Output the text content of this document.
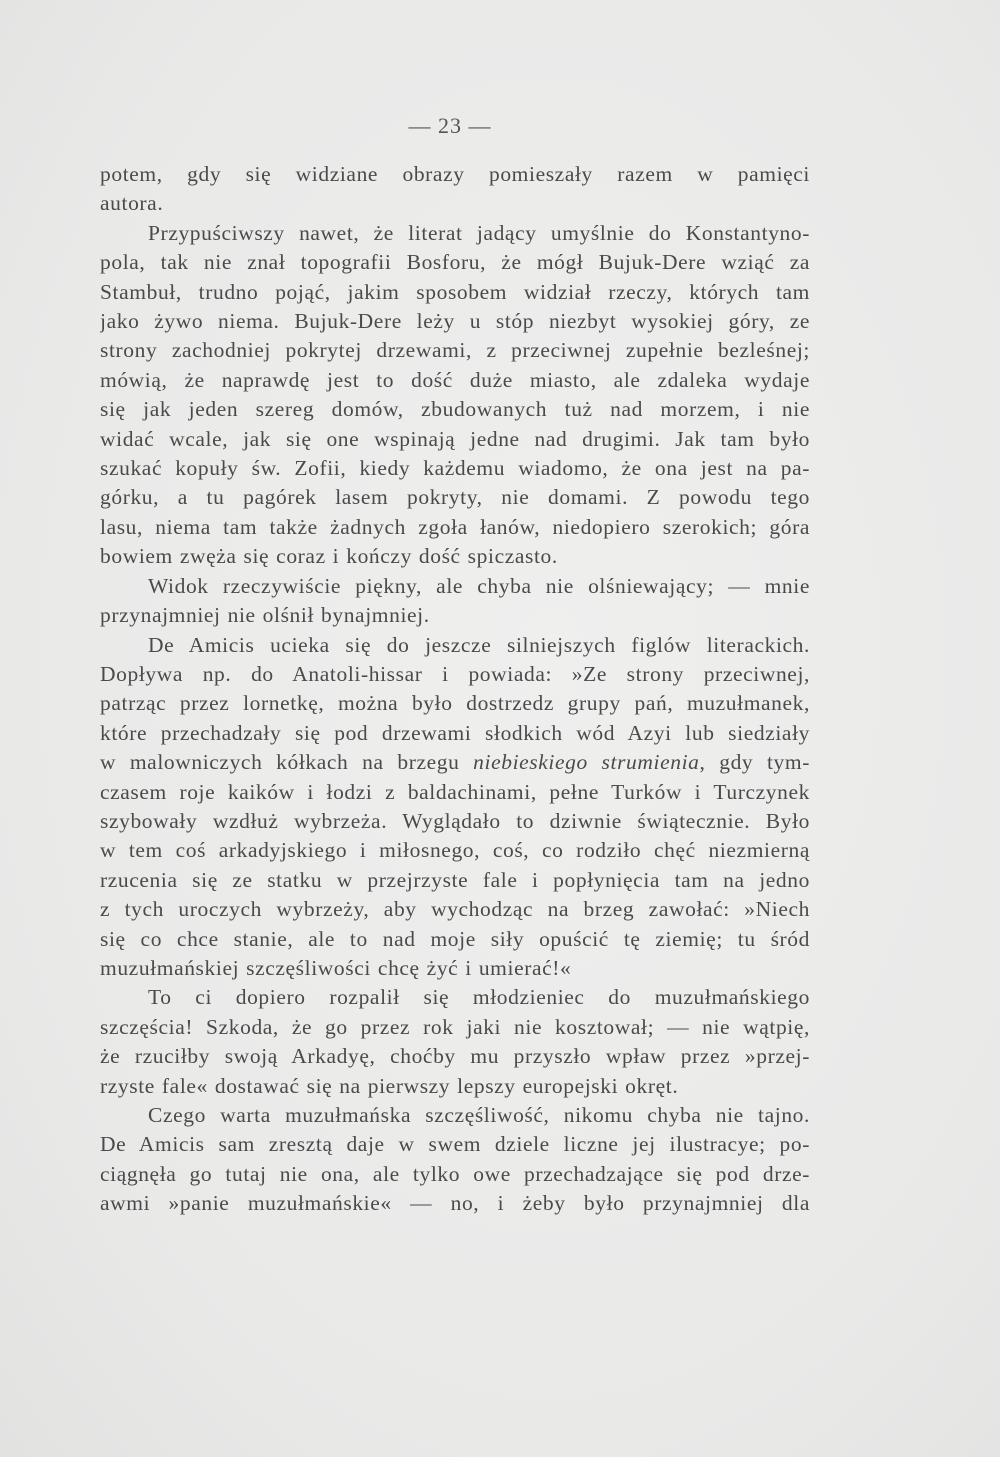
— 23 —
potem, gdy się widziane obrazy pomieszały razem w pamięci
autora.
Przypuściwszy nawet, że literat jadący umyślnie do Konstantyno-
pola, tak nie znał topografii Bosforu, że mógł Bujuk-Dere wziąć za
Stambuł, trudno pojąć, jakim sposobem widział rzeczy, których tam
jako żywo niema. Bujuk-Dere leży u stóp niezbyt wysokiej góry, ze
strony zachodniej pokrytej drzewami, z przeciwnej zupełnie bezleśnej;
mówią, że naprawdę jest to dość duże miasto, ale zdaleka wydaje
się jak jeden szereg domów, zbudowanych tuż nad morzem, i nie
widać wcale, jak się one wspinają jedne nad drugimi. Jak tam było
szukać kopuły św. Zofii, kiedy każdemu wiadomo, że ona jest na pa-
górku, a tu pagórek lasem pokryty, nie domami. Z powodu tego
lasu, niema tam także żadnych zgoła łanów, niedopiero szerokich; góra
bowiem zwęża się coraz i kończy dość spiczasto.
Widok rzeczywiście piękny, ale chyba nie olśniewający; — mnie
przynajmniej nie olśnił bynajmniej.
De Amicis ucieka się do jeszcze silniejszych figlów literackich.
Dopływa np. do Anatoli-hissar i powiada: »Ze strony przeciwnej,
patrząc przez lornetkę, można było dostrzedz grupy pań, muzułmanek,
które przechadzały się pod drzewami słodkich wód Azyi lub siedziały
w malowniczych kółkach na brzegu niebieskiego strumienia, gdy tym-
czasem roje kaików i łodzi z baldachinami, pełne Turków i Turczynek
szybowały wzdłuż wybrzeża. Wyglądało to dziwnie świątecznie. Było
w tem coś arkadyjskiego i miłosnego, coś, co rodziło chęć niezmierną
rzucenia się ze statku w przejrzyste fale i popłynięcia tam na jedno
z tych uroczych wybrzeży, aby wychodząc na brzeg zawołać: »Niech
się co chce stanie, ale to nad moje siły opuścić tę ziemię; tu śród
muzułmańskiej szczęśliwości chcę żyć i umierać!«
To ci dopiero rozpalił się młodzieniec do muzułmańskiego
szczęścia! Szkoda, że go przez rok jaki nie kosztował; — nie wątpię,
że rzuciłby swoją Arkadyę, choćby mu przyszło wpław przez »przej-
rzyste fale« dostawać się na pierwszy lepszy europejski okręt.
Czego warta muzułmańska szczęśliwość, nikomu chyba nie tajno.
De Amicis sam zresztą daje w swem dziele liczne jej ilustracye; po-
ciągnęła go tutaj nie ona, ale tylko owe przechadzające się pod drze-
awmi »panie muzułmańskie« — no, i żeby było przynajmniej dla
